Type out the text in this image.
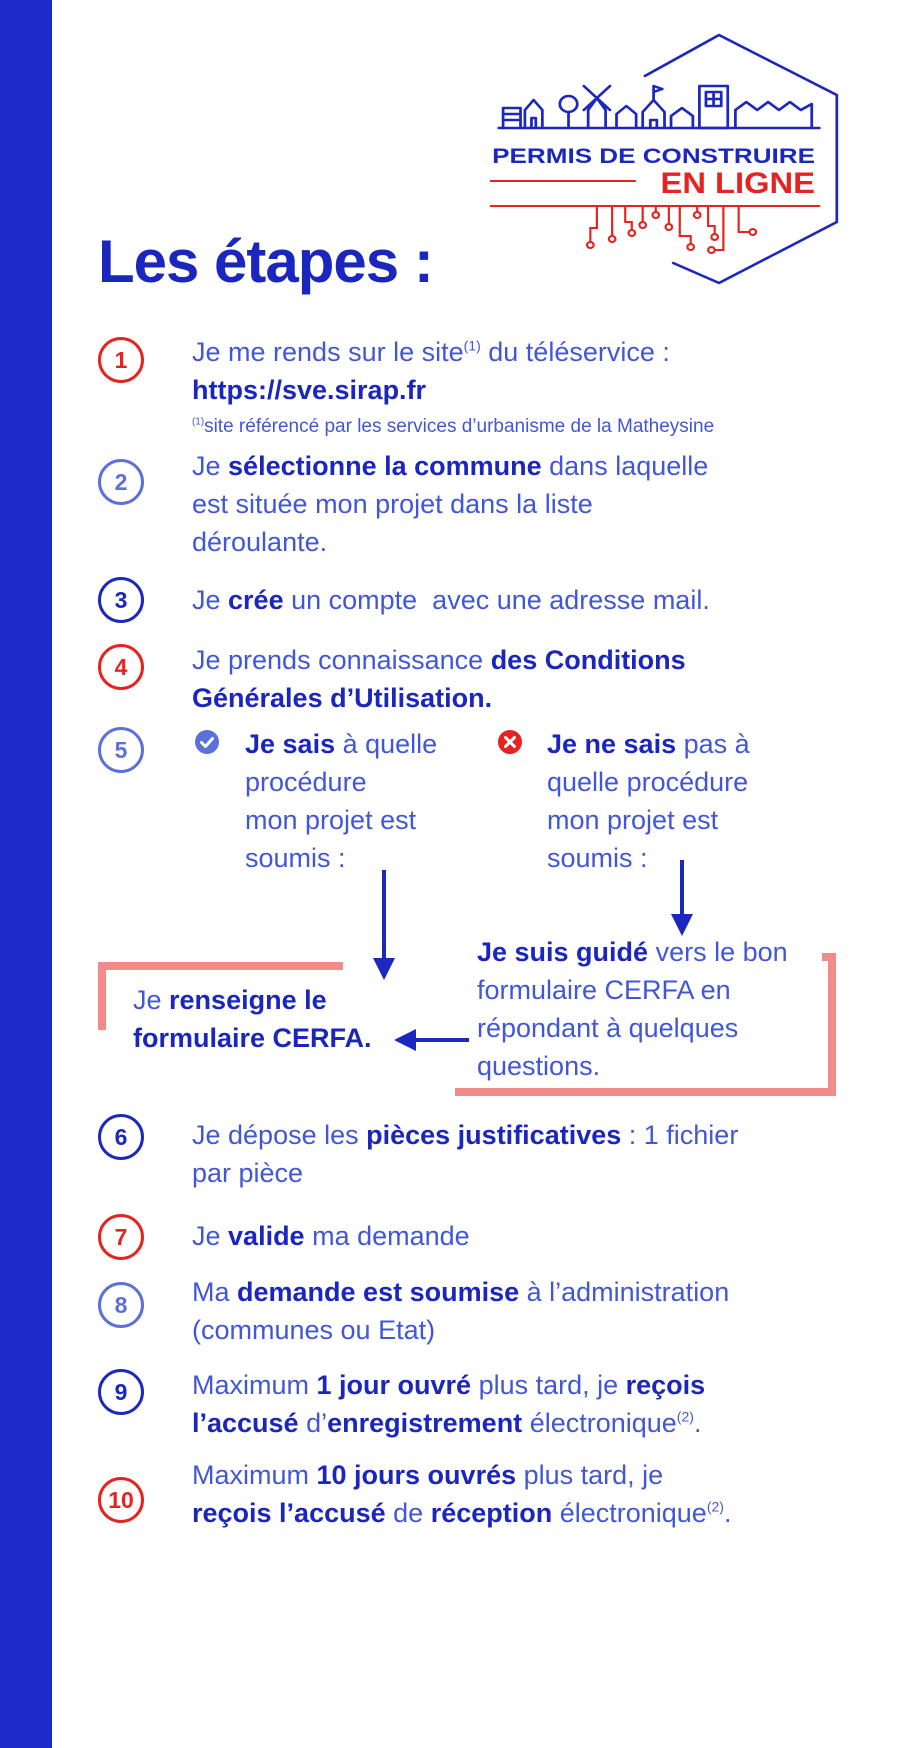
PERMIS DE CONSTRUIRE
EN LIGNE
Les étapes :
1
2
3
4
5
6
7
8
9
10
Je me rends sur le site$^{(1)}$ du téléservice :
https://sve.sirap.fr
$^{(1)}$site référencé par les services d’urbanisme de la Matheysine
Je sélectionne la commune dans laquelle
est située mon projet dans la liste
déroulante.
Je crée un compte  avec une adresse mail.
Je prends connaissance des Conditions
Générales d’Utilisation.
Je sais à quelle
procédure
mon projet est
soumis :
Je ne sais pas à
quelle procédure
mon projet est
soumis :
Je suis guidé vers le bon
formulaire CERFA en
répondant à quelques
questions.
Je renseigne le
formulaire CERFA.
Je dépose les pièces justificatives : 1 fichier
par pièce
Je valide ma demande
Ma demande est soumise à l’administration
(communes ou Etat)
Maximum 1 jour ouvré plus tard, je reçois
l’accusé d’enregistrement électronique$^{(2)}$.
Maximum 10 jours ouvrés plus tard, je
reçois l’accusé de réception électronique$^{(2)}$.
